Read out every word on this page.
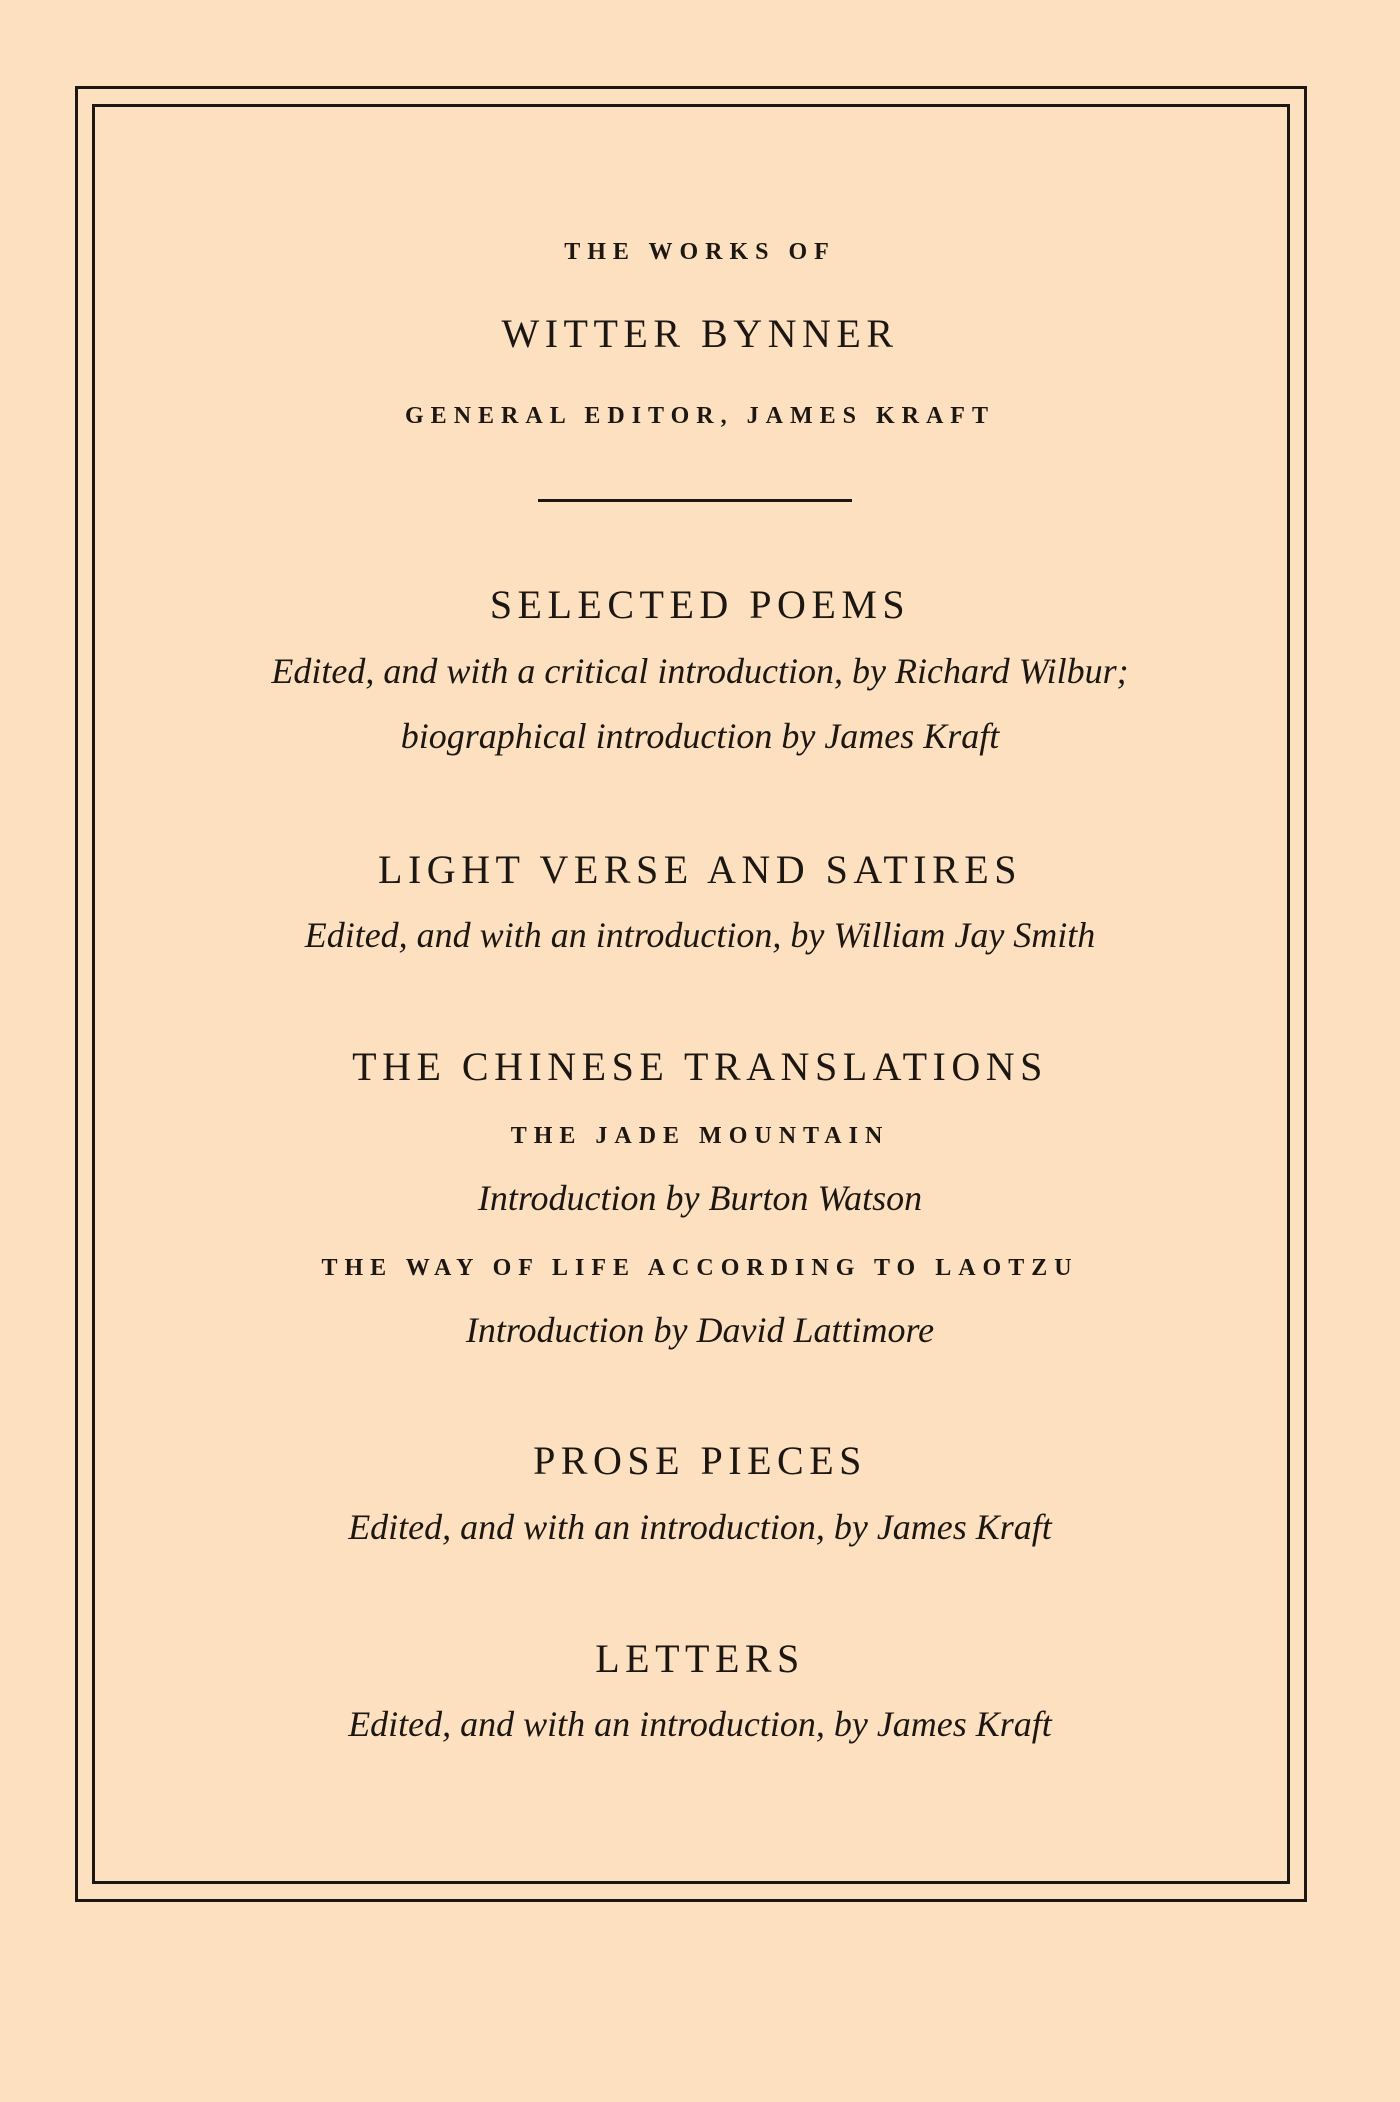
THE WORKS OF
WITTER BYNNER
GENERAL EDITOR, JAMES KRAFT
SELECTED POEMS
Edited, and with a critical introduction, by Richard Wilbur;
biographical introduction by James Kraft
LIGHT VERSE AND SATIRES
Edited, and with an introduction, by William Jay Smith
THE CHINESE TRANSLATIONS
THE JADE MOUNTAIN
Introduction by Burton Watson
THE WAY OF LIFE ACCORDING TO LAOTZU
Introduction by David Lattimore
PROSE PIECES
Edited, and with an introduction, by James Kraft
LETTERS
Edited, and with an introduction, by James Kraft
